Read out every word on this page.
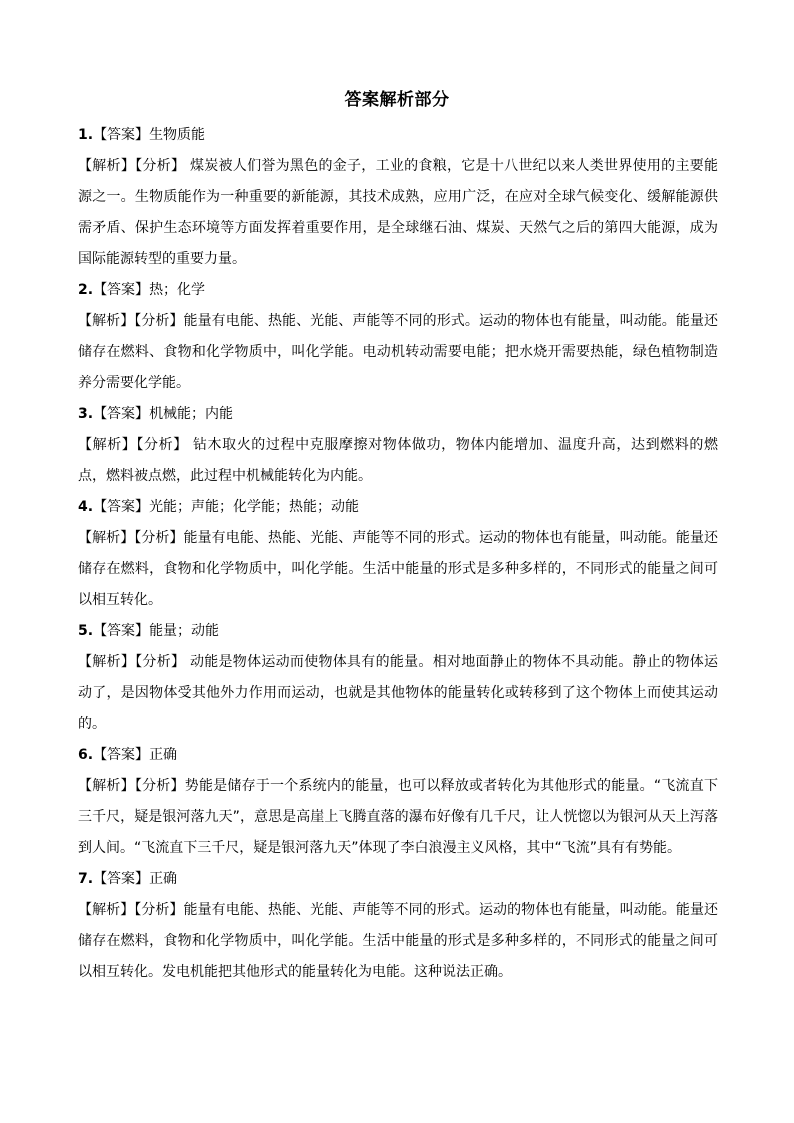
答案解析部分

1.【答案】生物质能

【解析】【分析】 煤炭被人们誉为黑色的金子，工业的食粮，它是十八世纪以来人类世界使用的主要能源之一。生物质能作为一种重要的新能源，其技术成熟，应用广泛，在应对全球气候变化、缓解能源供需矛盾、保护生态环境等方面发挥着重要作用，是全球继石油、煤炭、天然气之后的第四大能源，成为国际能源转型的重要力量。

2.【答案】热；化学

【解析】【分析】能量有电能、热能、光能、声能等不同的形式。运动的物体也有能量，叫动能。能量还储存在燃料、食物和化学物质中，叫化学能。电动机转动需要电能；把水烧开需要热能，绿色植物制造养分需要化学能。

3.【答案】机械能；内能

【解析】【分析】 钻木取火的过程中克服摩擦对物体做功，物体内能增加、温度升高，达到燃料的燃点，燃料被点燃，此过程中机械能转化为内能。

4.【答案】光能；声能；化学能；热能；动能

【解析】【分析】能量有电能、热能、光能、声能等不同的形式。运动的物体也有能量，叫动能。能量还储存在燃料，食物和化学物质中，叫化学能。生活中能量的形式是多种多样的，不同形式的能量之间可以相互转化。

5.【答案】能量；动能

【解析】【分析】 动能是物体运动而使物体具有的能量。相对地面静止的物体不具动能。静止的物体运动了，是因物体受其他外力作用而运动，也就是其他物体的能量转化或转移到了这个物体上而使其运动的。

6.【答案】正确

【解析】【分析】势能是储存于一个系统内的能量，也可以释放或者转化为其他形式的能量。“飞流直下三千尺，疑是银河落九天”，意思是高崖上飞腾直落的瀑布好像有几千尺，让人恍惚以为银河从天上泻落到人间。“飞流直下三千尺，疑是银河落九天”体现了李白浪漫主义风格，其中“飞流”具有有势能。

7.【答案】正确

【解析】【分析】能量有电能、热能、光能、声能等不同的形式。运动的物体也有能量，叫动能。能量还储存在燃料，食物和化学物质中，叫化学能。生活中能量的形式是多种多样的，不同形式的能量之间可以相互转化。发电机能把其他形式的能量转化为电能。这种说法正确。
